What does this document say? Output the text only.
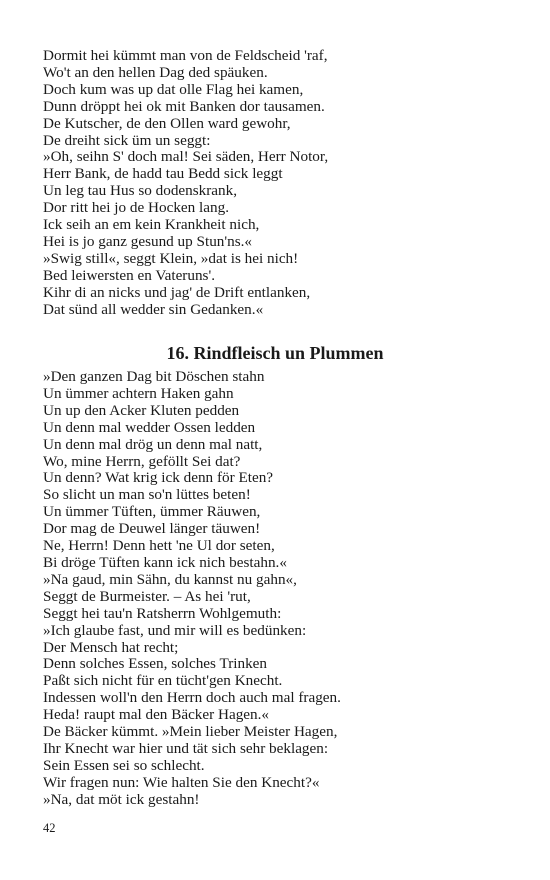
Dormit hei kümmt man von de Feldscheid 'raf,
Wo't an den hellen Dag ded späuken.
Doch kum was up dat olle Flag hei kamen,
Dunn dröppt hei ok mit Banken dor tausamen.
De Kutscher, de den Ollen ward gewohr,
De dreiht sick üm un seggt:
»Oh, seihn S' doch mal! Sei säden, Herr Notor,
Herr Bank, de hadd tau Bedd sick leggt
Un leg tau Hus so dodenskrank,
Dor ritt hei jo de Hocken lang.
Ick seih an em kein Krankheit nich,
Hei is jo ganz gesund up Stun'ns.«
»Swig still«, seggt Klein, »dat is hei nich!
Bed leiwersten en Vateruns'.
Kihr di an nicks und jag' de Drift entlanken,
Dat sünd all wedder sin Gedanken.«
16. Rindfleisch un Plummen
»Den ganzen Dag bit Döschen stahn
Un ümmer achtern Haken gahn
Un up den Acker Kluten pedden
Un denn mal wedder Ossen ledden
Un denn mal drög un denn mal natt,
Wo, mine Herrn, geföllt Sei dat?
Un denn? Wat krig ick denn för Eten?
So slicht un man so'n lüttes beten!
Un ümmer Tüften, ümmer Räuwen,
Dor mag de Deuwel länger täuwen!
Ne, Herrn! Denn hett 'ne Ul dor seten,
Bi dröge Tüften kann ick nich bestahn.«
»Na gaud, min Sähn, du kannst nu gahn«,
Seggt de Burmeister. – As hei 'rut,
Seggt hei tau'n Ratsherrn Wohlgemuth:
»Ich glaube fast, und mir will es bedünken:
Der Mensch hat recht;
Denn solches Essen, solches Trinken
Paßt sich nicht für en tücht'gen Knecht.
Indessen woll'n den Herrn doch auch mal fragen.
Heda! raupt mal den Bäcker Hagen.«
De Bäcker kümmt. »Mein lieber Meister Hagen,
Ihr Knecht war hier und tät sich sehr beklagen:
Sein Essen sei so schlecht.
Wir fragen nun: Wie halten Sie den Knecht?«
»Na, dat möt ick gestahn!
42
